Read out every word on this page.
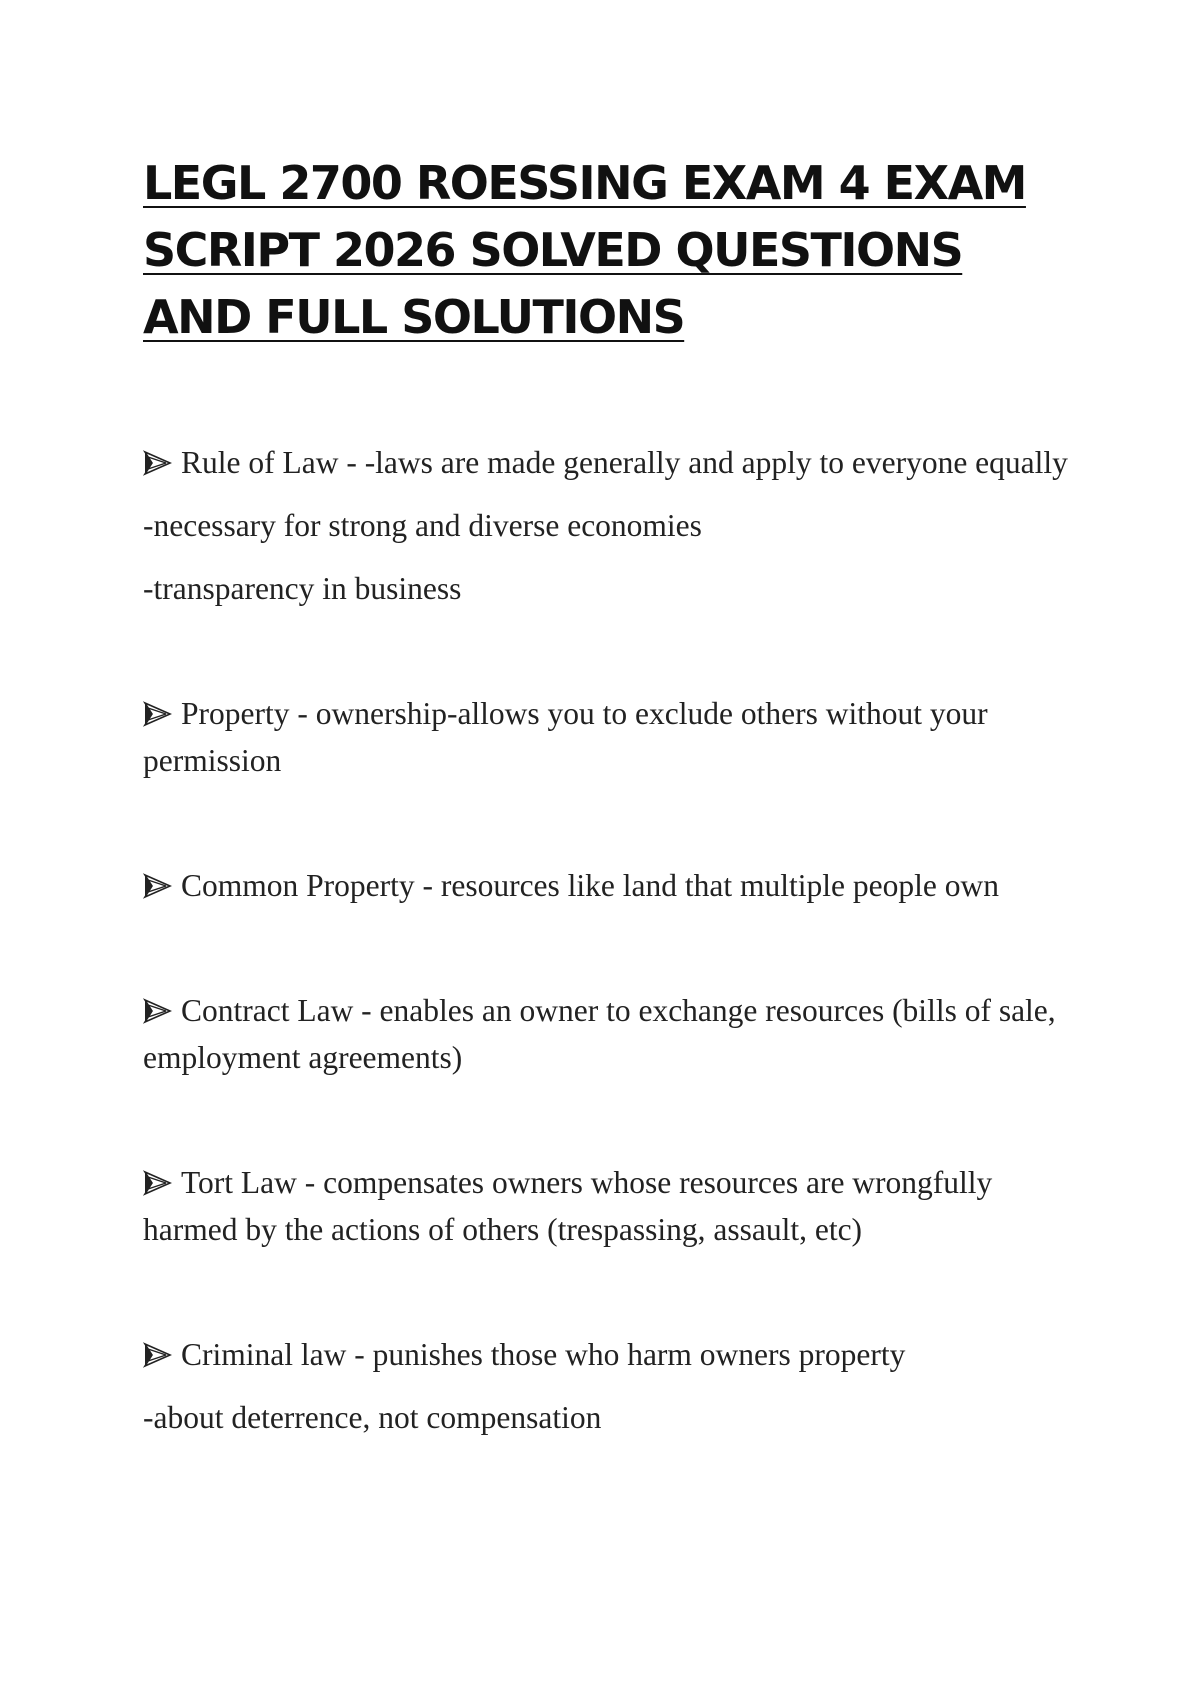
LEGL 2700 ROESSING EXAM 4 EXAM SCRIPT 2026 SOLVED QUESTIONS AND FULL SOLUTIONS

Rule of Law - -laws are made generally and apply to everyone equally

-necessary for strong and diverse economies

-transparency in business

Property - ownership-allows you to exclude others without your permission

Common Property - resources like land that multiple people own

Contract Law - enables an owner to exchange resources (bills of sale, employment agreements)

Tort Law - compensates owners whose resources are wrongfully harmed by the actions of others (trespassing, assault, etc)

Criminal law - punishes those who harm owners property

-about deterrence, not compensation
